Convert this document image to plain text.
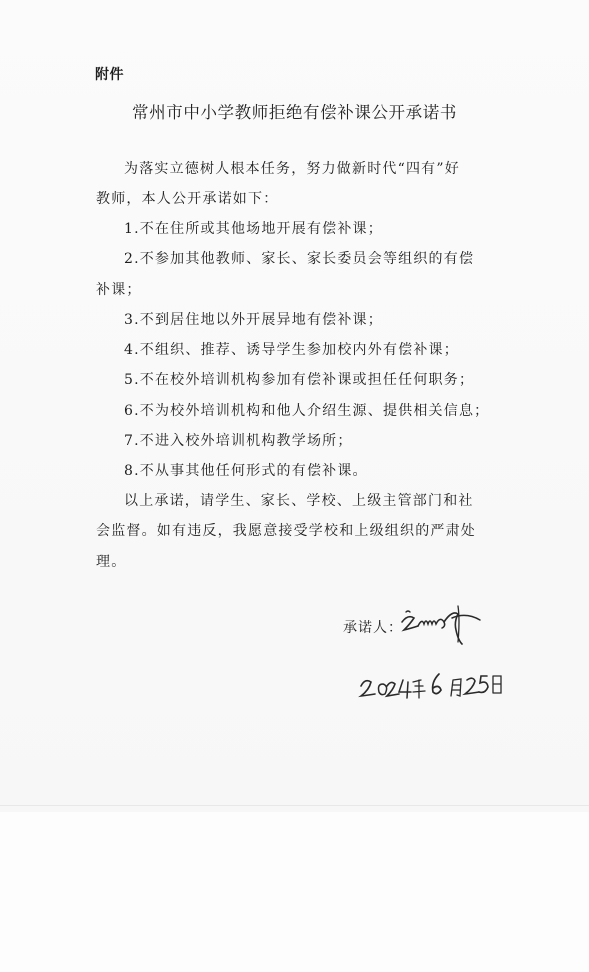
附件
常州市中小学教师拒绝有偿补课公开承诺书
为落实立德树人根本任务，努力做新时代“四有”好
教师，本人公开承诺如下：
1.不在住所或其他场地开展有偿补课；
2.不参加其他教师、家长、家长委员会等组织的有偿
补课；
3.不到居住地以外开展异地有偿补课；
4.不组织、推荐、诱导学生参加校内外有偿补课；
5.不在校外培训机构参加有偿补课或担任任何职务；
6.不为校外培训机构和他人介绍生源、提供相关信息；
7.不进入校外培训机构教学场所；
8.不从事其他任何形式的有偿补课。
以上承诺，请学生、家长、学校、上级主管部门和社
会监督。如有违反，我愿意接受学校和上级组织的严肃处
理。
承诺人：
